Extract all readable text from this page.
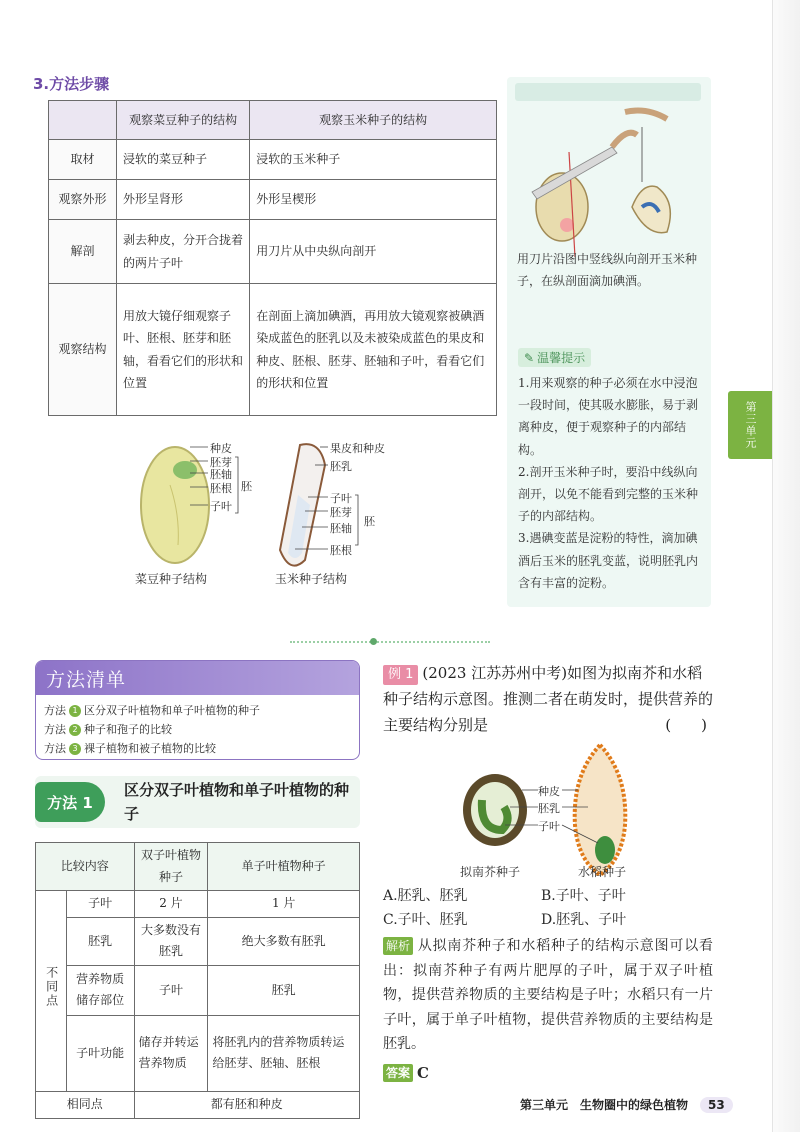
3.方法步骤
	观察菜豆种子的结构	观察玉米种子的结构
取材	浸软的菜豆种子	浸软的玉米种子
观察外形	外形呈肾形	外形呈楔形
解剖	剥去种皮，分开合拢着的两片子叶	用刀片从中央纵向剖开
观察结构	用放大镜仔细观察子叶、胚根、胚芽和胚轴，看看它们的形状和位置	在剖面上滴加碘酒，再用放大镜观察被碘酒染成蓝色的胚乳以及未被染成蓝色的果皮和种皮、胚根、胚芽、胚轴和子叶，看看它们的形状和位置
种皮
胚芽
胚轴
胚根
子叶
胚
果皮和种皮
胚乳
子叶
胚芽
胚轴
胚根
胚
菜豆种子结构	玉米种子结构
用刀片沿图中竖线纵向剖开玉米种子，在纵剖面滴加碘酒。
✎ 温馨提示

1.用来观察的种子必须在水中浸泡一段时间，使其吸水膨胀，易于剥离种皮，便于观察种子的内部结构。

2.剖开玉米种子时，要沿中线纵向剖开，以免不能看到完整的玉米种子的内部结构。

3.遇碘变蓝是淀粉的特性，滴加碘酒后玉米的胚乳变蓝，说明胚乳内含有丰富的淀粉。

第三单元
方法清单
方法 1 区分双子叶植物和单子叶植物的种子
方法 2 种子和孢子的比较
方法 3 裸子植物和被子植物的比较
方法 1
区分双子叶植物和单子叶植物的种子
比较内容		双子叶植物种子	单子叶植物种子
不同点	子叶	2 片	1 片
	胚乳	大多数没有胚乳	绝大多数有胚乳
	营养物质储存部位	子叶	胚乳
	子叶功能	储存并转运营养物质	将胚乳内的营养物质转运给胚芽、胚轴、胚根
相同点		都有胚和种皮	
例 1 (2023 江苏苏州中考)如图为拟南芥和水稻种子结构示意图。推测二者在萌发时，提供营养的主要结构分别是	(　　)
种皮
胚乳
子叶
拟南芥种子	水稻种子
A.胚乳、胚乳	B.子叶、子叶
C.子叶、胚乳	D.胚乳、子叶
解析 从拟南芥种子和水稻种子的结构示意图可以看出：拟南芥种子有两片肥厚的子叶，属于双子叶植物，提供营养物质的主要结构是子叶；水稻只有一片子叶，属于单子叶植物，提供营养物质的主要结构是胚乳。
答案 C
第三单元　生物圈中的绿色植物	53
